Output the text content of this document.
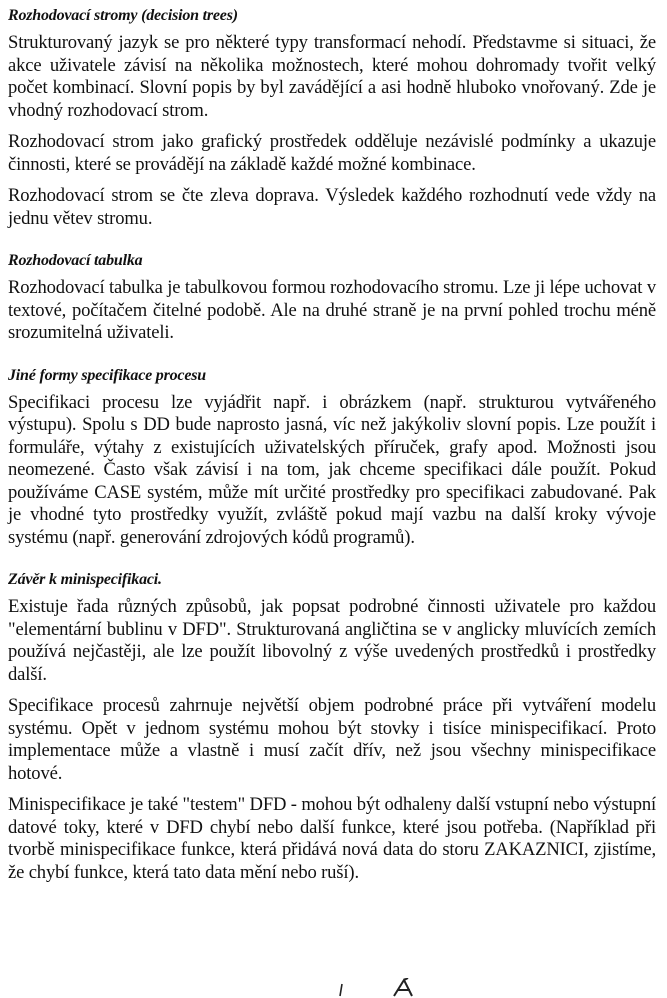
Rozhodovací stromy (decision trees)

Strukturovaný jazyk se pro některé typy transformací nehodí. Představme si situaci, že akce uživatele závisí na několika možnostech, které mohou dohromady tvořit velký počet kombinací. Slovní popis by byl zavádějící a asi hodně hluboko vnořovaný. Zde je vhodný rozhodovací strom.

Rozhodovací strom jako grafický prostředek odděluje nezávislé podmínky a ukazuje činnosti, které se provádějí na základě každé možné kombinace.

Rozhodovací strom se čte zleva doprava. Výsledek každého rozhodnutí vede vždy na jednu větev stromu.

Rozhodovací tabulka

Rozhodovací tabulka je tabulkovou formou rozhodovacího stromu. Lze ji lépe uchovat v textové, počítačem čitelné podobě. Ale na druhé straně je na první pohled trochu méně srozumitelná uživateli.

Jiné formy specifikace procesu

Specifikaci procesu lze vyjádřit např. i obrázkem (např. strukturou vytvářeného výstupu). Spolu s DD bude naprosto jasná, víc než jakýkoliv slovní popis. Lze použít i formuláře, výtahy z existujících uživatelských příruček, grafy apod. Možnosti jsou neomezené. Často však závisí i na tom, jak chceme specifikaci dále použít. Pokud používáme CASE systém, může mít určité prostředky pro specifikaci zabudované. Pak je vhodné tyto prostředky využít, zvláště pokud mají vazbu na další kroky vývoje systému (např. generování zdrojových kódů programů).

Závěr k minispecifikaci.

Existuje řada různých způsobů, jak popsat podrobné činnosti uživatele pro každou "elementární bublinu v DFD". Strukturovaná angličtina se v anglicky mluvících zemích používá nejčastěji, ale lze použít libovolný z výše uvedených prostředků i prostředky další.

Specifikace procesů zahrnuje největší objem podrobné práce při vytváření modelu systému. Opět v jednom systému mohou být stovky i tisíce minispecifikací. Proto implementace může a vlastně i musí začít dřív, než jsou všechny minispecifikace hotové.

Minispecifikace je také "testem" DFD - mohou být odhaleny další vstupní nebo výstupní datové toky, které v DFD chybí nebo další funkce, které jsou potřeba. (Například při tvorbě minispecifikace funkce, která přidává nová data do storu ZAKAZNICI, zjistíme, že chybí funkce, která tato data mění nebo ruší).
